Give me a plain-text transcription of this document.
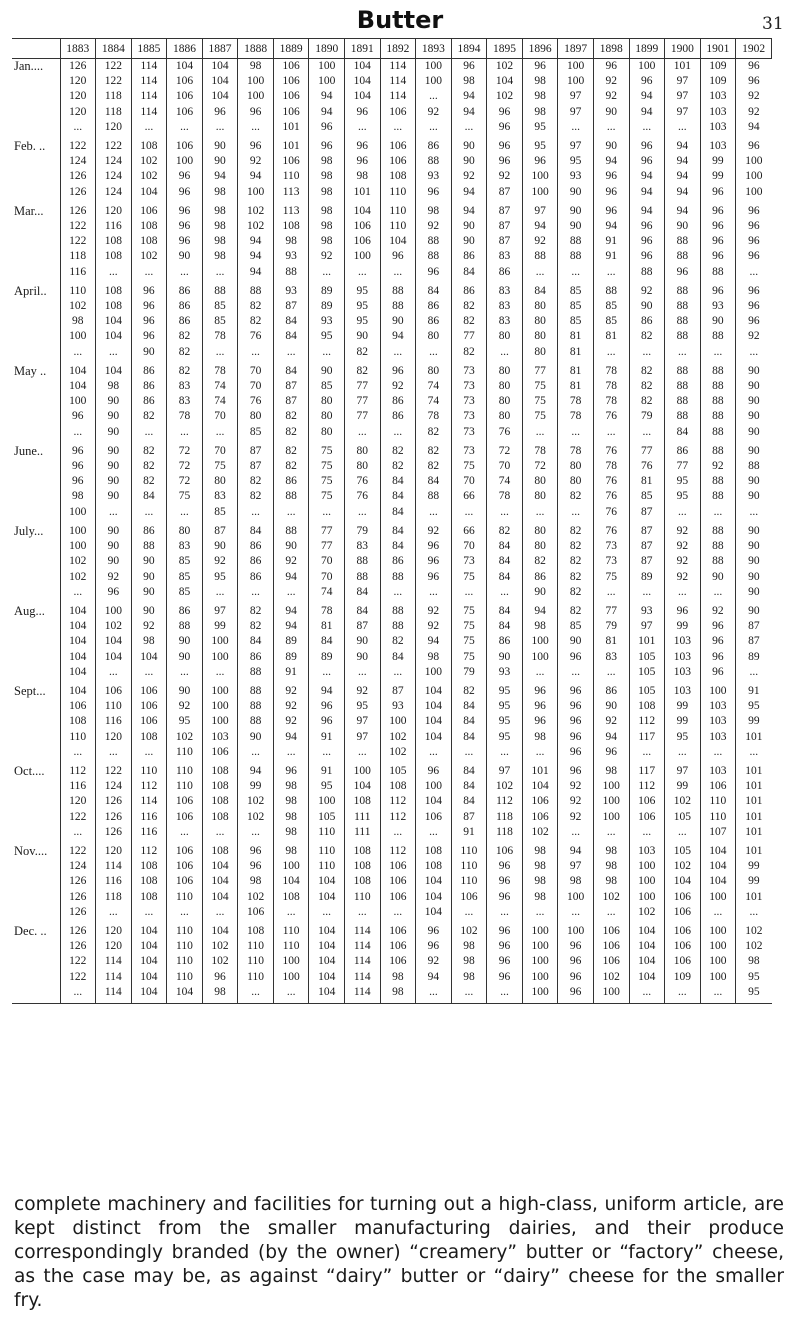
Butter	31
	1883	1884	1885	1886	1887	1888	1889	1890	1891	1892	1893	1894	1895	1896	1897	1898	1899	1900	1901	1902
Jan....	126	122	114	104	104	98	106	100	104	114	100	96	102	96	100	96	100	101	109	96
	120	122	114	106	104	100	106	100	104	114	100	98	104	98	100	92	96	97	109	96
	120	118	114	106	104	100	106	94	104	114	...	94	102	98	97	92	94	97	103	92
	120	118	114	106	96	96	106	94	96	106	92	94	96	98	97	90	94	97	103	92
	...	120	...	...	...	...	101	96	...	...	...	...	96	95	...	...	...	...	103	94
Feb. ..	122	122	108	106	90	96	101	96	96	106	86	90	96	95	97	90	96	94	103	96
	124	124	102	100	90	92	106	98	96	106	88	90	96	96	95	94	96	94	99	100
	126	124	102	96	94	94	110	98	98	108	93	92	92	100	93	96	94	94	99	100
	126	124	104	96	98	100	113	98	101	110	96	94	87	100	90	96	94	94	96	100
Mar...	126	120	106	96	98	102	113	98	104	110	98	94	87	97	90	96	94	94	96	96
	122	116	108	96	98	102	108	98	106	110	92	90	87	94	90	94	96	90	96	96
	122	108	108	96	98	94	98	98	106	104	88	90	87	92	88	91	96	88	96	96
	118	108	102	90	98	94	93	92	100	96	88	86	83	88	88	91	96	88	96	96
	116	...	...	...	...	94	88	...	...	...	96	84	86	...	...	...	88	96	88	...
April..	110	108	96	86	88	88	93	89	95	88	84	86	83	84	85	88	92	88	96	96
	102	108	96	86	85	82	87	89	95	88	86	82	83	80	85	85	90	88	93	96
	98	104	96	86	85	82	84	93	95	90	86	82	83	80	85	85	86	88	90	96
	100	104	96	82	78	76	84	95	90	94	80	77	80	80	81	81	82	88	88	92
	...	...	90	82	...	...	...	...	82	...	...	82	...	80	81	...	...	...	...	...
May ..	104	104	86	82	78	70	84	90	82	96	80	73	80	77	81	78	82	88	88	90
	104	98	86	83	74	70	87	85	77	92	74	73	80	75	81	78	82	88	88	90
	100	90	86	83	74	76	87	80	77	86	74	73	80	75	78	78	82	88	88	90
	96	90	82	78	70	80	82	80	77	86	78	73	80	75	78	76	79	88	88	90
	...	90	...	...	...	85	82	80	...	...	82	73	76	...	...	...	...	84	88	90
June..	96	90	82	72	70	87	82	75	80	82	82	73	72	78	78	76	77	86	88	90
	96	90	82	72	75	87	82	75	80	82	82	75	70	72	80	78	76	77	92	88
	96	90	82	72	80	82	86	75	76	84	84	70	74	80	80	76	81	95	88	90
	98	90	84	75	83	82	88	75	76	84	88	66	78	80	82	76	85	95	88	90
	100	...	...	...	85	...	...	...	...	84	...	...	...	...	...	76	87	...	...	...
July...	100	90	86	80	87	84	88	77	79	84	92	66	82	80	82	76	87	92	88	90
	100	90	88	83	90	86	90	77	83	84	96	70	84	80	82	73	87	92	88	90
	102	90	90	85	92	86	92	70	88	86	96	73	84	82	82	73	87	92	88	90
	102	92	90	85	95	86	94	70	88	88	96	75	84	86	82	75	89	92	90	90
	...	96	90	85	...	...	...	74	84	...	...	...	...	90	82	...	...	...	...	90
Aug...	104	100	90	86	97	82	94	78	84	88	92	75	84	94	82	77	93	96	92	90
	104	102	92	88	99	82	94	81	87	88	92	75	84	98	85	79	97	99	96	87
	104	104	98	90	100	84	89	84	90	82	94	75	86	100	90	81	101	103	96	87
	104	104	104	90	100	86	89	89	90	84	98	75	90	100	96	83	105	103	96	89
	104	...	...	...	...	88	91	...	...	...	100	79	93	...	...	...	105	103	96	...
Sept...	104	106	106	90	100	88	92	94	92	87	104	82	95	96	96	86	105	103	100	91
	106	110	106	92	100	88	92	96	95	93	104	84	95	96	96	90	108	99	103	95
	108	116	106	95	100	88	92	96	97	100	104	84	95	96	96	92	112	99	103	99
	110	120	108	102	103	90	94	91	97	102	104	84	95	98	96	94	117	95	103	101
	...	...	...	110	106	...	...	...	...	102	...	...	...	...	96	96	...	...	...	...
Oct....	112	122	110	110	108	94	96	91	100	105	96	84	97	101	96	98	117	97	103	101
	116	124	112	110	108	99	98	95	104	108	100	84	102	104	92	100	112	99	106	101
	120	126	114	106	108	102	98	100	108	112	104	84	112	106	92	100	106	102	110	101
	122	126	116	106	108	102	98	105	111	112	106	87	118	106	92	100	106	105	110	101
	...	126	116	...	...	...	98	110	111	...	...	91	118	102	...	...	...	...	107	101
Nov....	122	120	112	106	108	96	98	110	108	112	108	110	106	98	94	98	103	105	104	101
	124	114	108	106	104	96	100	110	108	106	108	110	96	98	97	98	100	102	104	99
	126	116	108	106	104	98	104	104	108	106	104	110	96	98	98	98	100	104	104	99
	126	118	108	110	104	102	108	104	110	106	104	106	96	98	100	102	100	106	100	101
	126	...	...	...	...	106	...	...	...	...	104	...	...	...	...	...	102	106	...	...
Dec. ..	126	120	104	110	104	108	110	104	114	106	96	102	96	100	100	106	104	106	100	102
	126	120	104	110	102	110	110	104	114	106	96	98	96	100	96	106	104	106	100	102
	122	114	104	110	102	110	100	104	114	106	92	98	96	100	96	106	104	106	100	98
	122	114	104	110	96	110	100	104	114	98	94	98	96	100	96	102	104	109	100	95
	...	114	104	104	98	...	...	104	114	98	...	...	...	100	96	100	...	...	...	95

complete machinery and facilities for turning out a high-class, uniform article, are kept distinct from the smaller manufacturing dairies, and their produce correspondingly branded (by the owner) “creamery” butter or “factory” cheese, as the case may be, as against “dairy” butter or “dairy” cheese for the smaller fry.
